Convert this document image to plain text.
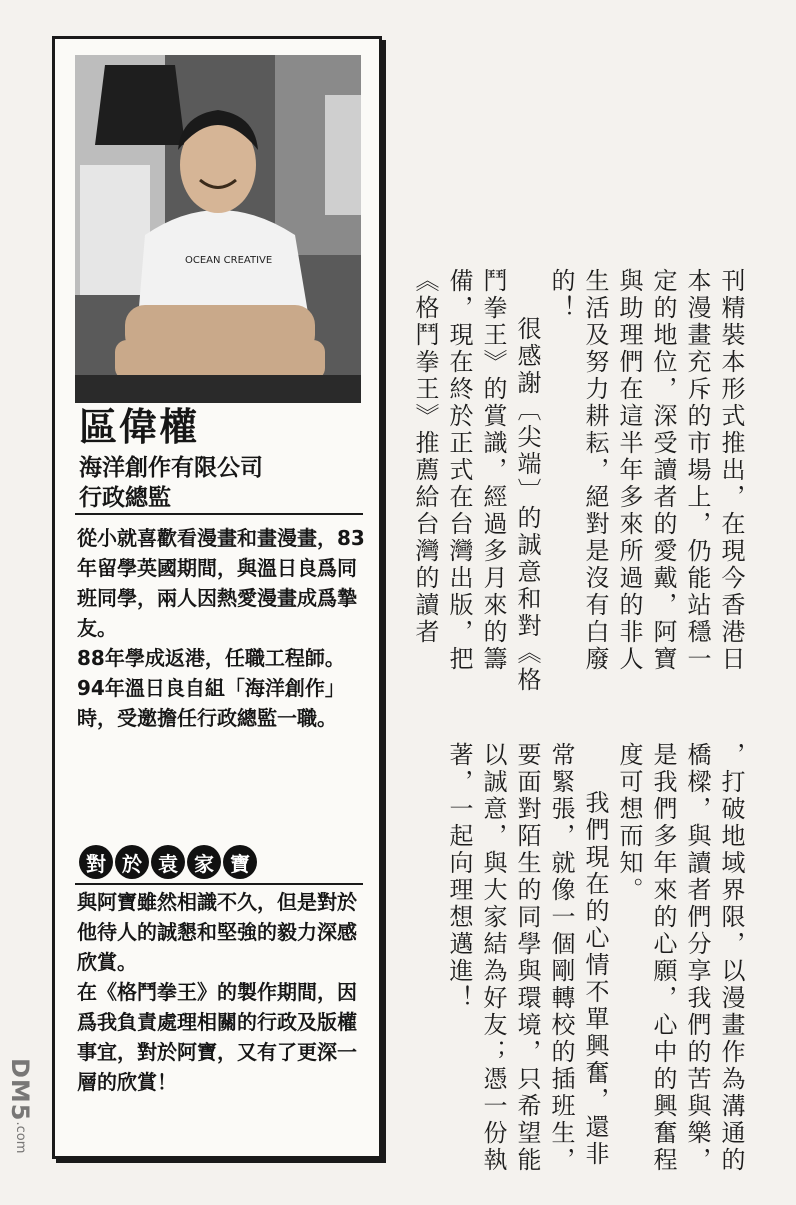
OCEAN CREATIVE
區偉權
海洋創作有限公司
行政總監

從小就喜歡看漫畫和畫漫畫，83年留學英國期間，與溫日良爲同班同學，兩人因熱愛漫畫成爲摯友。

88年學成返港，任職工程師。

94年溫日良自組「海洋創作」時，受邀擔任行政總監一職。

對 於 袁 家 寶

與阿寶雖然相識不久，但是對於他待人的誠懇和堅強的毅力深感欣賞。

在《格鬥拳王》的製作期間，因爲我負責處理相關的行政及版權事宜，對於阿寶，又有了更深一層的欣賞！

刊精裝本形式推出，在現今香港日本漫畫充斥的市場上，仍能站穩一定的地位，深受讀者的愛戴，阿寶與助理們在這半年多來所過的非人生活及努力耕耘，絕對是沒有白廢的！

很感謝〔尖端〕的誠意和對《格鬥拳王》的賞識，經過多月來的籌備，現在終於正式在台灣出版，把《格鬥拳王》推薦給台灣的讀者

，打破地域界限，以漫畫作為溝通的橋樑，與讀者們分享我們的苦與樂，是我們多年來的心願，心中的興奮程度可想而知。

我們現在的心情不單興奮，還非常緊張，就像一個剛轉校的插班生，要面對陌生的同學與環境，只希望能以誠意，與大家結為好友；憑一份執著，一起向理想邁進！

DM5.com
